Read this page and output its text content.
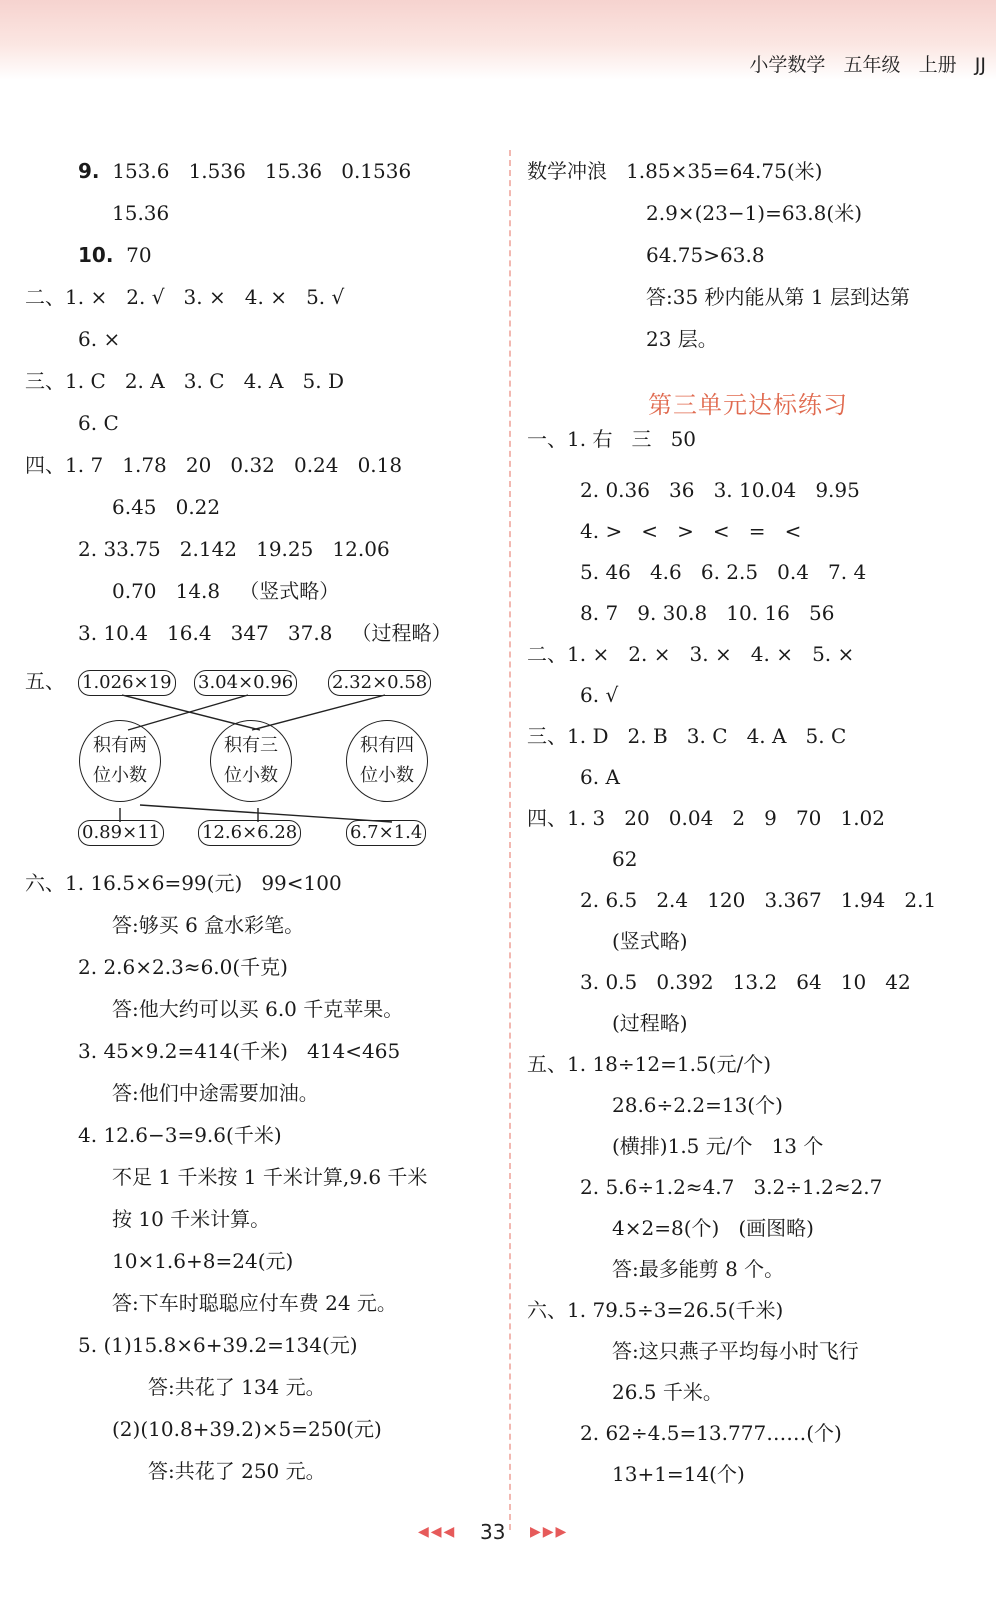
小学数学   五年级   上册   JJ
9. 153.6   1.536   15.36   0.1536
15.36
10. 70
二、1. ×   2. √   3. ×   4. ×   5. √
6. ×
三、1. C   2. A   3. C   4. A   5. D
6. C
四、1. 7   1.78   20   0.32   0.24   0.18
6.45   0.22
2. 33.75   2.142   19.25   12.06
0.70   14.8   （竖式略）
3. 10.4   16.4   347   37.8   （过程略）
五、
六、1. 16.5×6=99(元)   99<100
答:够买 6 盒水彩笔。
2. 2.6×2.3≈6.0(千克)
答:他大约可以买 6.0 千克苹果。
3. 45×9.2=414(千米)   414<465
答:他们中途需要加油。
4. 12.6−3=9.6(千米)
不足 1 千米按 1 千米计算,9.6 千米
按 10 千米计算。
10×1.6+8=24(元)
答:下车时聪聪应付车费 24 元。
5. (1)15.8×6+39.2=134(元)
答:共花了 134 元。
(2)(10.8+39.2)×5=250(元)
答:共花了 250 元。
数学冲浪   1.85×35=64.75(米)
2.9×(23−1)=63.8(米)
64.75>63.8
答:35 秒内能从第 1 层到达第
23 层。
一、1. 右   三   50
2. 0.36   36   3. 10.04   9.95
4. >   <   >   <   =   <
5. 46   4.6   6. 2.5   0.4   7. 4
8. 7   9. 30.8   10. 16   56
二、1. ×   2. ×   3. ×   4. ×   5. ×
6. √
三、1. D   2. B   3. C   4. A   5. C
6. A
四、1. 3   20   0.04   2   9   70   1.02
62
2. 6.5   2.4   120   3.367   1.94   2.1
(竖式略)
3. 0.5   0.392   13.2   64   10   42
(过程略)
五、1. 18÷12=1.5(元/个)
28.6÷2.2=13(个)
(横排)1.5 元/个   13 个
2. 5.6÷1.2≈4.7   3.2÷1.2≈2.7
4×2=8(个)   (画图略)
答:最多能剪 8 个。
六、1. 79.5÷3=26.5(千米)
答:这只燕子平均每小时飞行
26.5 千米。
2. 62÷4.5=13.777……(个)
13+1=14(个)
第三单元达标练习
1.026×19 3.04×0.96 2.32×0.58
积有两
位小数
积有三
位小数
积有四
位小数
0.89×11 12.6×6.28	6.7×1.4
◀◀◀ 33 ▶▶▶
